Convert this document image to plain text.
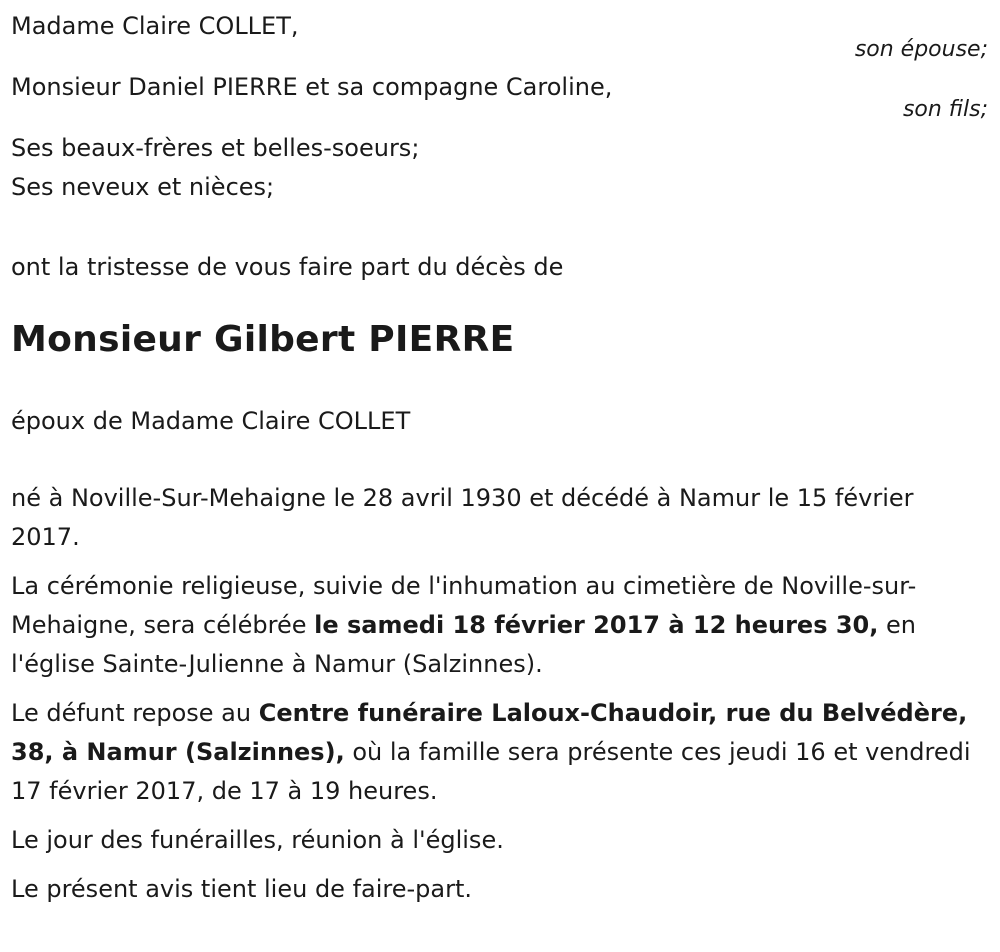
Madame Claire COLLET,

son épouse;

Monsieur Daniel PIERRE et sa compagne Caroline,

son fils;

Ses beaux-frères et belles-soeurs;

Ses neveux et nièces;

ont la tristesse de vous faire part du décès de

Monsieur Gilbert PIERRE

époux de Madame Claire COLLET

né à Noville-Sur-Mehaigne le 28 avril 1930 et décédé à Namur le 15 février 2017.

La cérémonie religieuse, suivie de l'inhumation au cimetière de Noville-sur-Mehaigne, sera célébrée le samedi 18 février 2017 à 12 heures 30, en l'église Sainte-Julienne à Namur (Salzinnes).

Le défunt repose au Centre funéraire Laloux-Chaudoir, rue du Belvédère, 38, à Namur (Salzinnes), où la famille sera présente ces jeudi 16 et vendredi 17 février 2017, de 17 à 19 heures.

Le jour des funérailles, réunion à l'église.

Le présent avis tient lieu de faire-part.
